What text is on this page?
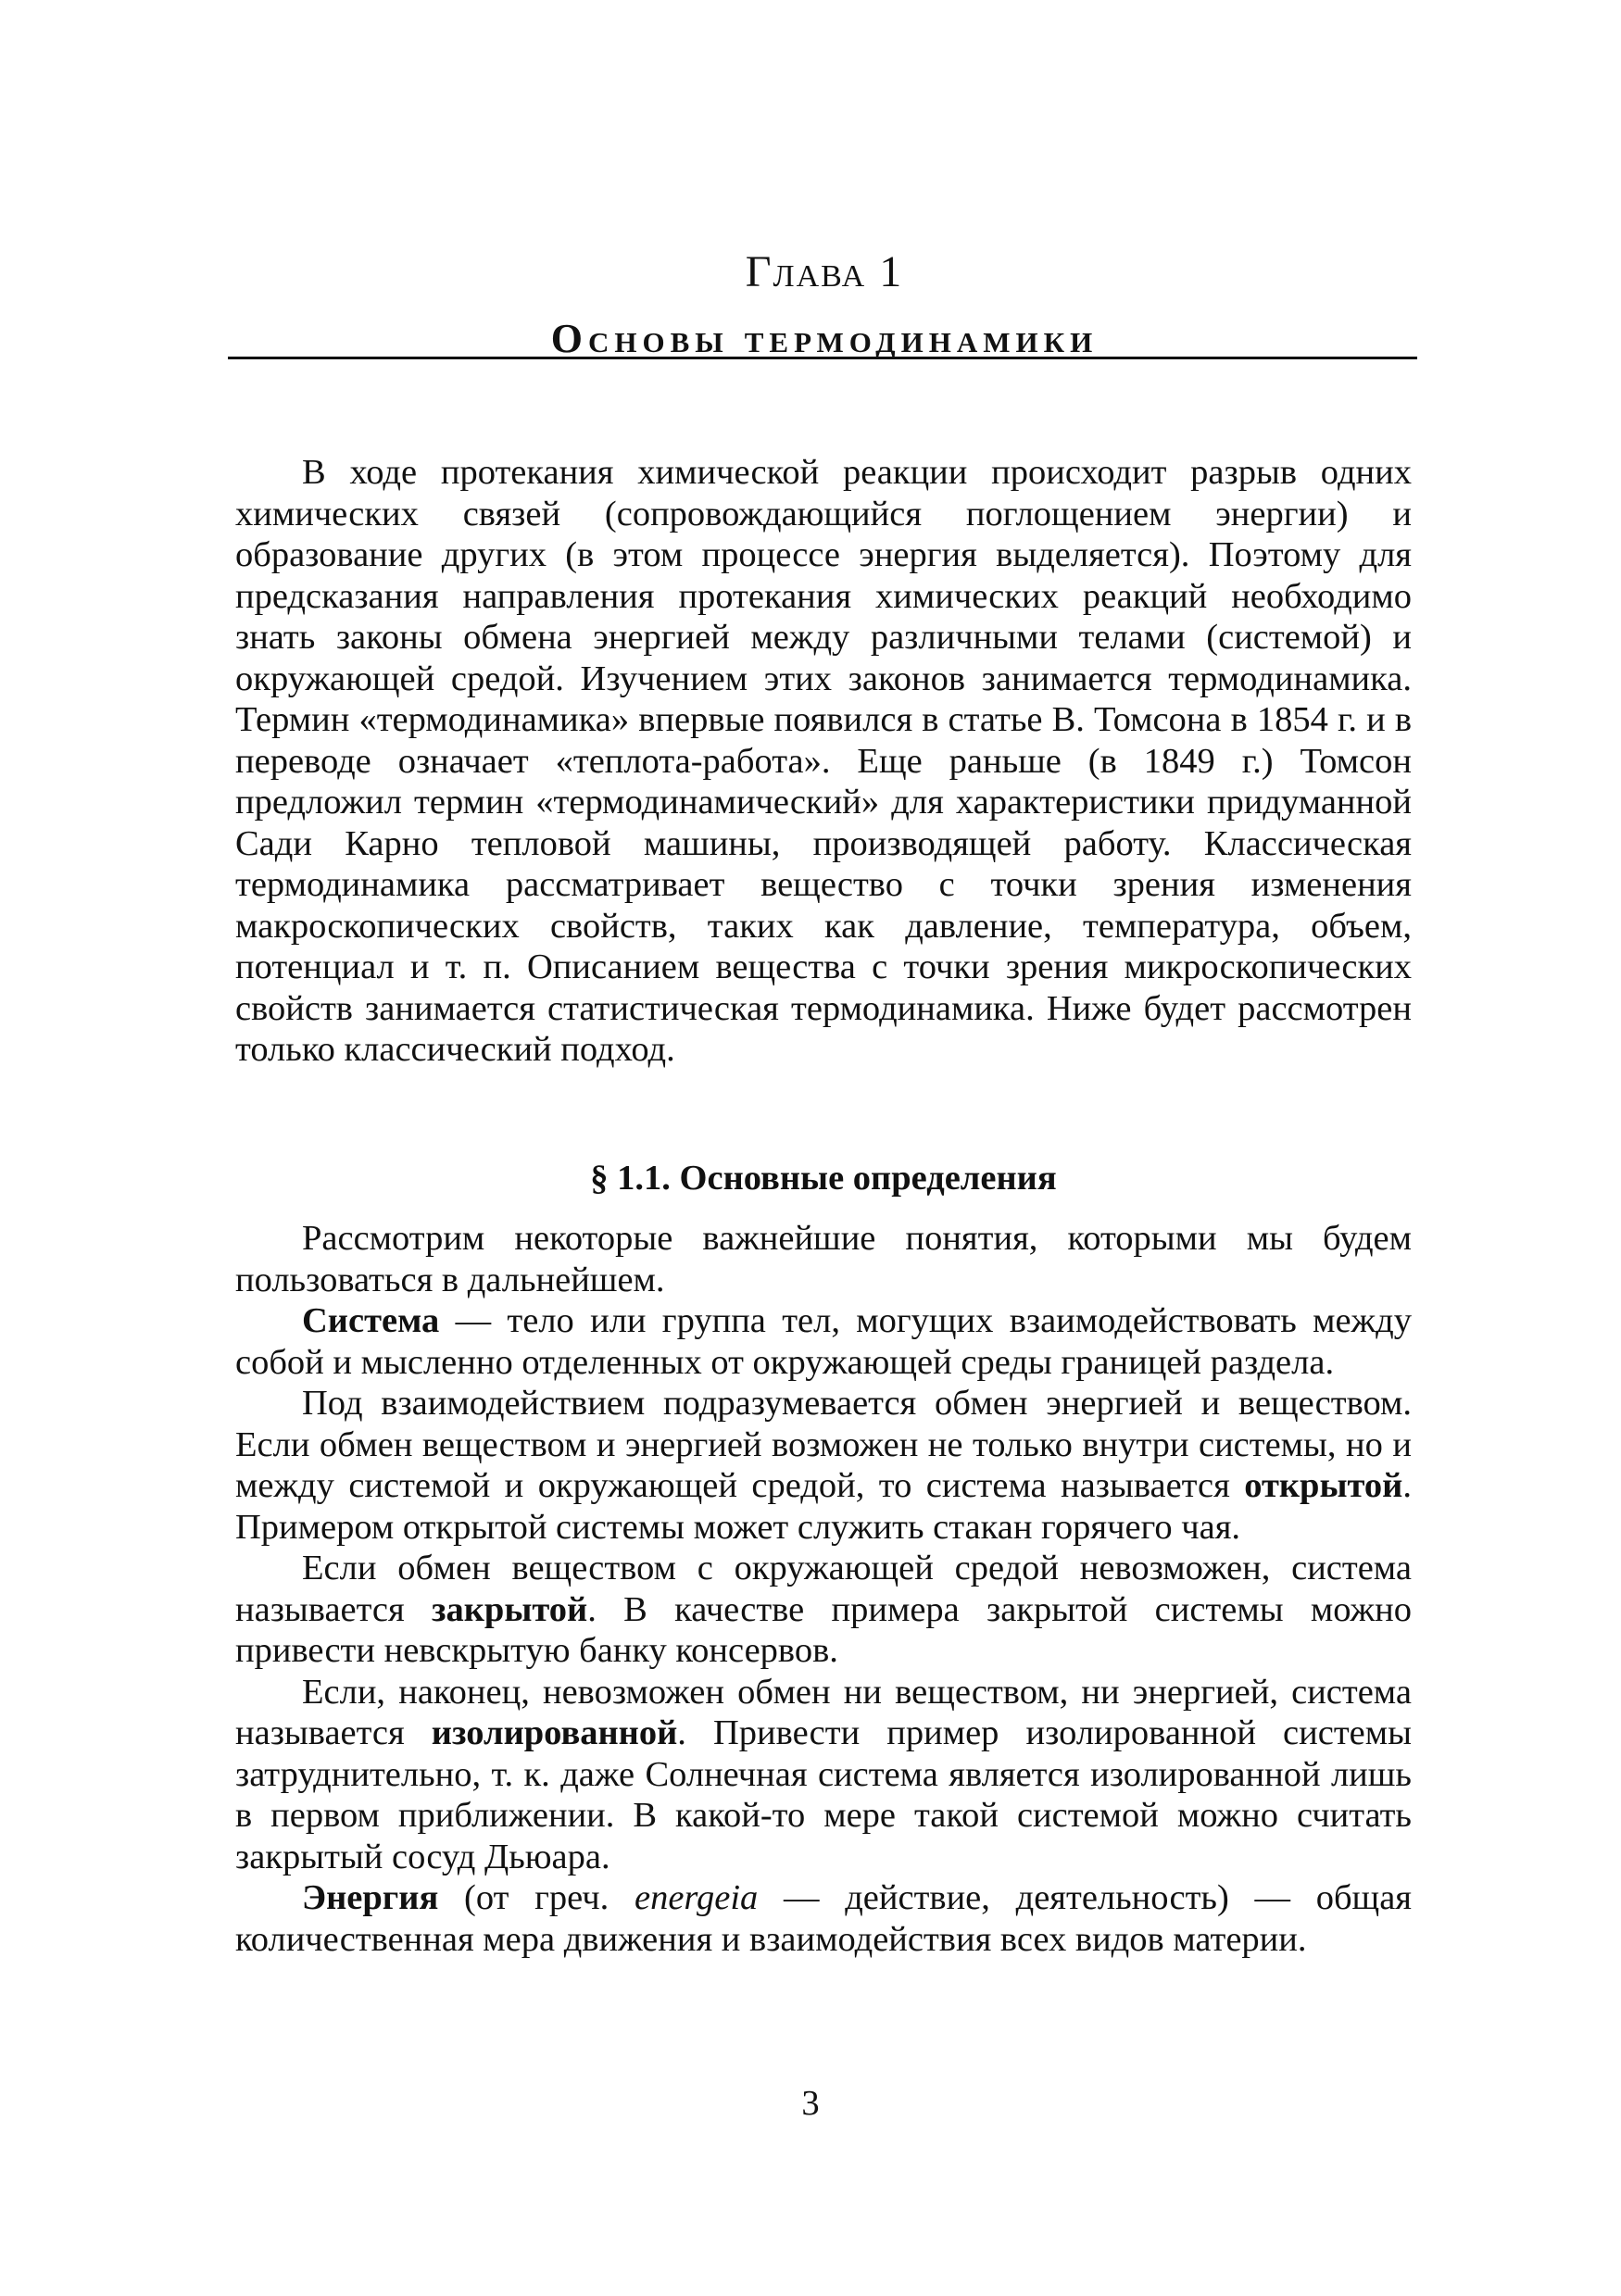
Глава 1
Основы термодинамики

В ходе протекания химической реакции происходит разрыв одних химических связей (сопровождающийся поглощением энергии) и образование других (в этом процессе энергия выделяется). Поэтому для предсказания направления протекания химических реакций необходимо знать законы обмена энергией между различными телами (системой) и окружающей средой. Изучением этих законов занимается термодинамика. Термин «термодинамика» впервые появился в статье В. Томсона в 1854 г. и в переводе означает «теплота-работа». Еще раньше (в 1849 г.) Томсон предложил термин «термодинамический» для характеристики придуманной Сади Карно тепловой машины, производящей работу. Классическая термодинамика рассматривает вещество с точки зрения изменения макроскопических свойств, таких как давление, температура, объем, потенциал и т. п. Описанием вещества с точки зрения микроскопических свойств занимается статистическая термодинамика. Ниже будет рассмотрен только классический подход.

§ 1.1. Основные определения

Рассмотрим некоторые важнейшие понятия, которыми мы будем пользоваться в дальнейшем.

Система — тело или группа тел, могущих взаимодействовать между собой и мысленно отделенных от окружающей среды границей раздела.

Под взаимодействием подразумевается обмен энергией и веществом. Если обмен веществом и энергией возможен не только внутри системы, но и между системой и окружающей средой, то система называется открытой. Примером открытой системы может служить стакан горячего чая.

Если обмен веществом с окружающей средой невозможен, система называется закрытой. В качестве примера закрытой системы можно привести невскрытую банку консервов.

Если, наконец, невозможен обмен ни веществом, ни энергией, система называется изолированной. Привести пример изолированной системы затруднительно, т. к. даже Солнечная система является изолированной лишь в первом приближении. В какой-то мере такой системой можно считать закрытый сосуд Дьюара.

Энергия (от греч. energeia — действие, деятельность) — общая количественная мера движения и взаимодействия всех видов материи.

3
